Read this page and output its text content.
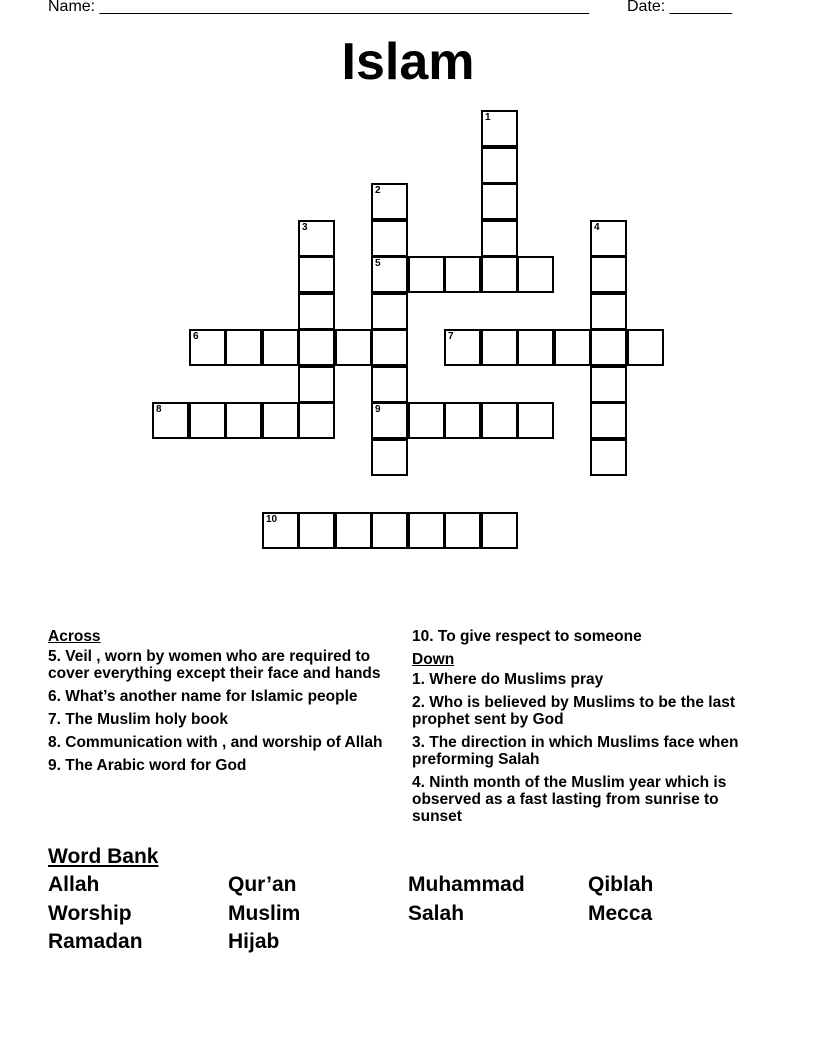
Name: _______________________________________________________ Date: _______
Islam
1
2
5
9
3	4
6	7
8
10
Across
5. Veil , worn by women who are required to cover everything except their face and hands
6. What’s another name for Islamic people
7. The Muslim holy book
8. Communication with , and worship of Allah
9. The Arabic word for God
10. To give respect to someone
Down
1. Where do Muslims pray
2. Who is believed by Muslims to be the last prophet sent by God
3. The direction in which Muslims face when preforming Salah
4. Ninth month of the Muslim year which is observed as a fast lasting from sunrise to sunset
Word Bank
Allah	Qur’an	Muhammad	Qiblah
Worship	Muslim	Salah	Mecca
Ramadan	Hijab
